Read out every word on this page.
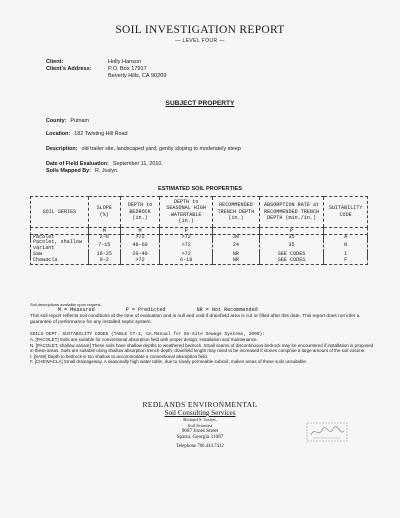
SOIL INVESTIGATION REPORT
— LEVEL FOUR —
Client:	Holly Hanson
Client's Address:	P.O. Box 17917
Beverly Hills, CA 90209
SUBJECT PROPERTY
County: Putnam
Location: 182 Twisting Hill Road
Description: old trailer site, landscaped yard; gently sloping to moderately steep
Date of Field Evaluation: September 11, 2010.
Soils Mapped By: R. Joslyn.
ESTIMATED SOIL PROPERTIES
SOIL SERIES	SLOPE (%)	DEPTH to BEDROCK (in.)	DEPTH to SEASONAL HIGH WATERTABLE (in.)	RECOMMENDED TRENCH DEPTH (in.)	ABSORPTION RATE at RECOMMENDED TRENCH DEPTH (min./in.)	SUITABILITY CODE
	M	M	P		P	
Pacolet	2-6	>72	>72	30	35	A
Pacolet, shallow variant	7-15	48-60	>72	24	35	N
Saw	16-25	20-40	>72	NR	SEE CODES	I
Chewacla	0-2	>72	6-18	NR	SEE CODES	F
Soil descriptions available upon request.
M = Measured	P = Predicted	NR = Not Recommended
This soil report reflects soil conditions at the time of evaluation and is null and void if drainfield area is cut or filled after this date. This report does not infer a guarantee of performance for any installed septic system.

SOILS DEPT. SUITABILITY CODES (TABLE CT-1, GA.Manual for On-Site Sewage Systems, 2006):

A. [PACOLET] Soils are suitable for conventional absorption field with proper design, installation and maintenance.

N. [PACOLET, shallow variant] These soils have shallow depths to weathered bedrock. Small seams of discontinuous bedrock may be encountered if installation is proposed in these areas. Soils are suitable using shallow absorption trench depth; drainfield length may need to be increased if stones comprise a large amount of the soil volume.

I. [SAW] Depth to bedrock is too shallow to accommodate a conventional absorption field.

F. [CHEWACLA] Small drainageway. A seasonally high water table, due to slowly permeable subsoil, makes areas of these soils unsuitable.

REDLANDS ENVIRONMENTAL
Soil Consulting Services
Richard S. Joslyn,
Soil Scientist
9687 Jones Street
Sparta, Georgia 31087
Telephone 706.444.7412
